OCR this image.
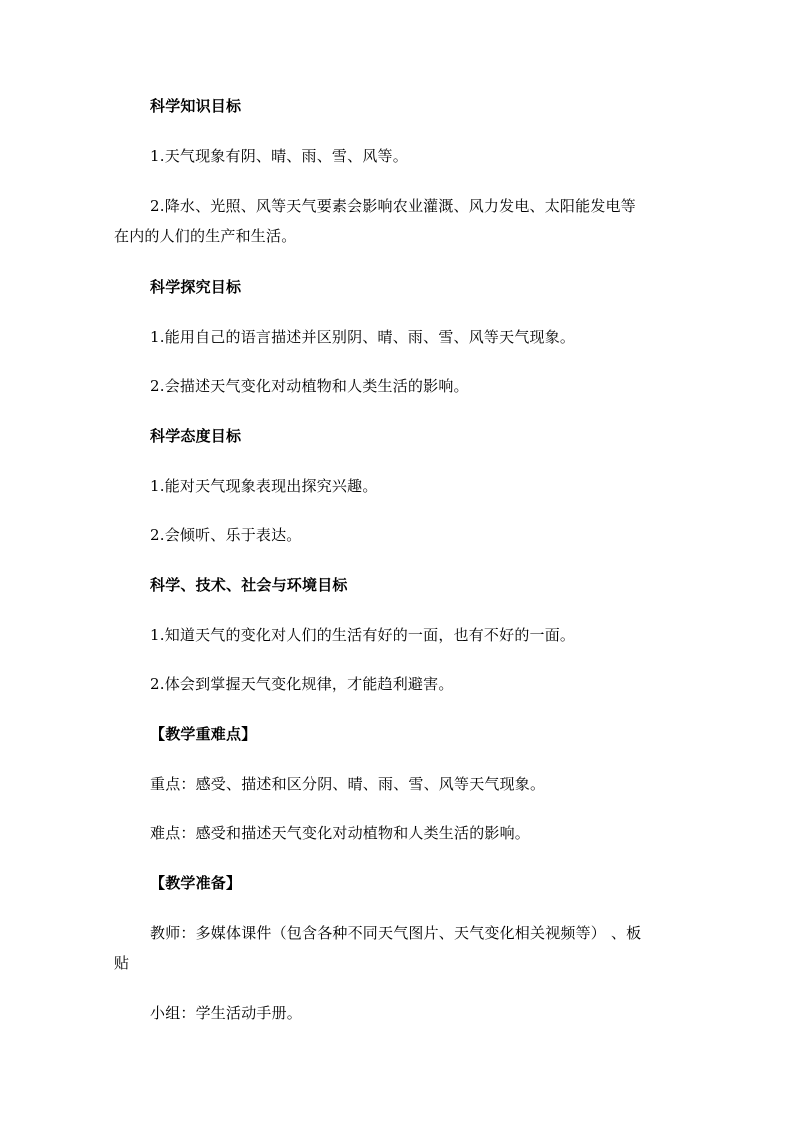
科学知识目标
1.天气现象有阴、晴、雨、雪、风等。
2.降水、光照、风等天气要素会影响农业灌溉、风力发电、太阳能发电等
在内的人们的生产和生活。
科学探究目标
1.能用自己的语言描述并区别阴、晴、雨、雪、风等天气现象。
2.会描述天气变化对动植物和人类生活的影响。
科学态度目标
1.能对天气现象表现出探究兴趣。
2.会倾听、乐于表达。
科学、技术、社会与环境目标
1.知道天气的变化对人们的生活有好的一面，也有不好的一面。
2.体会到掌握天气变化规律，才能趋利避害。
【教学重难点】
重点：感受、描述和区分阴、晴、雨、雪、风等天气现象。
难点：感受和描述天气变化对动植物和人类生活的影响。
【教学准备】
教师：多媒体课件（包含各种不同天气图片、天气变化相关视频等） 、板
贴
小组：学生活动手册。
